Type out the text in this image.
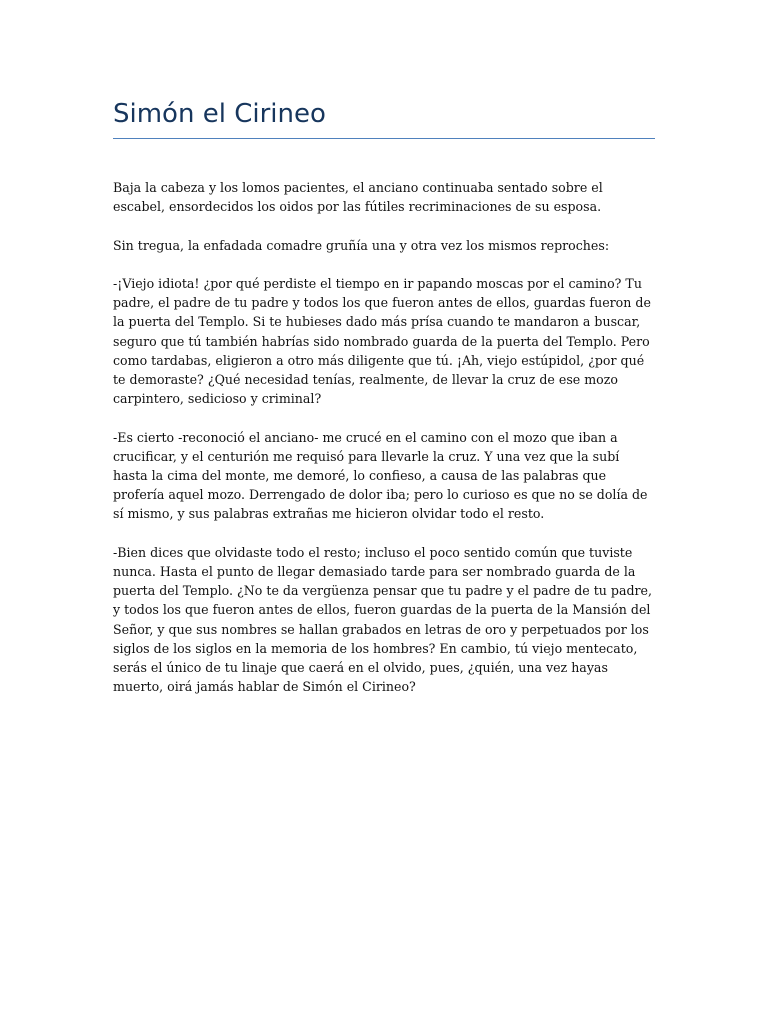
Simón el Cirineo

Baja la cabeza y los lomos pacientes, el anciano continuaba sentado sobre el escabel, ensordecidos los oidos por las fútiles recriminaciones de su esposa.

Sin tregua, la enfadada comadre gruñía una y otra vez los mismos reproches:

-¡Viejo idiota! ¿por qué perdiste el tiempo en ir papando moscas por el camino? Tu padre, el padre de tu padre y todos los que fueron antes de ellos, guardas fueron de la puerta del Templo. Si te hubieses dado más prísa cuando te mandaron a buscar, seguro que tú también habrías sido nombrado guarda de la puerta del Templo. Pero como tardabas, eligieron a otro más diligente que tú. ¡Ah, viejo estúpidol, ¿por qué te demoraste? ¿Qué necesidad tenías, realmente, de llevar la cruz de ese mozo carpintero, sedicioso y criminal?

-Es cierto -reconoció el anciano- me crucé en el camino con el mozo que iban a crucificar, y el centurión me requisó para llevarle la cruz. Y una vez que la subí hasta la cima del monte, me demoré, lo confieso, a causa de las palabras que profería aquel mozo. Derrengado de dolor iba; pero lo curioso es que no se dolía de sí mismo, y sus palabras extrañas me hicieron olvidar todo el resto.

-Bien dices que olvidaste todo el resto; incluso el poco sentido común que tuviste nunca. Hasta el punto de llegar demasiado tarde para ser nombrado guarda de la puerta del Templo. ¿No te da vergüenza pensar que tu padre y el padre de tu padre, y todos los que fueron antes de ellos, fueron guardas de la puerta de la Mansión del Señor, y que sus nombres se hallan grabados en letras de oro y perpetuados por los siglos de los siglos en la memoria de los hombres? En cambio, tú viejo mentecato, serás el único de tu linaje que caerá en el olvido, pues, ¿quién, una vez hayas muerto, oirá jamás hablar de Simón el Cirineo?
